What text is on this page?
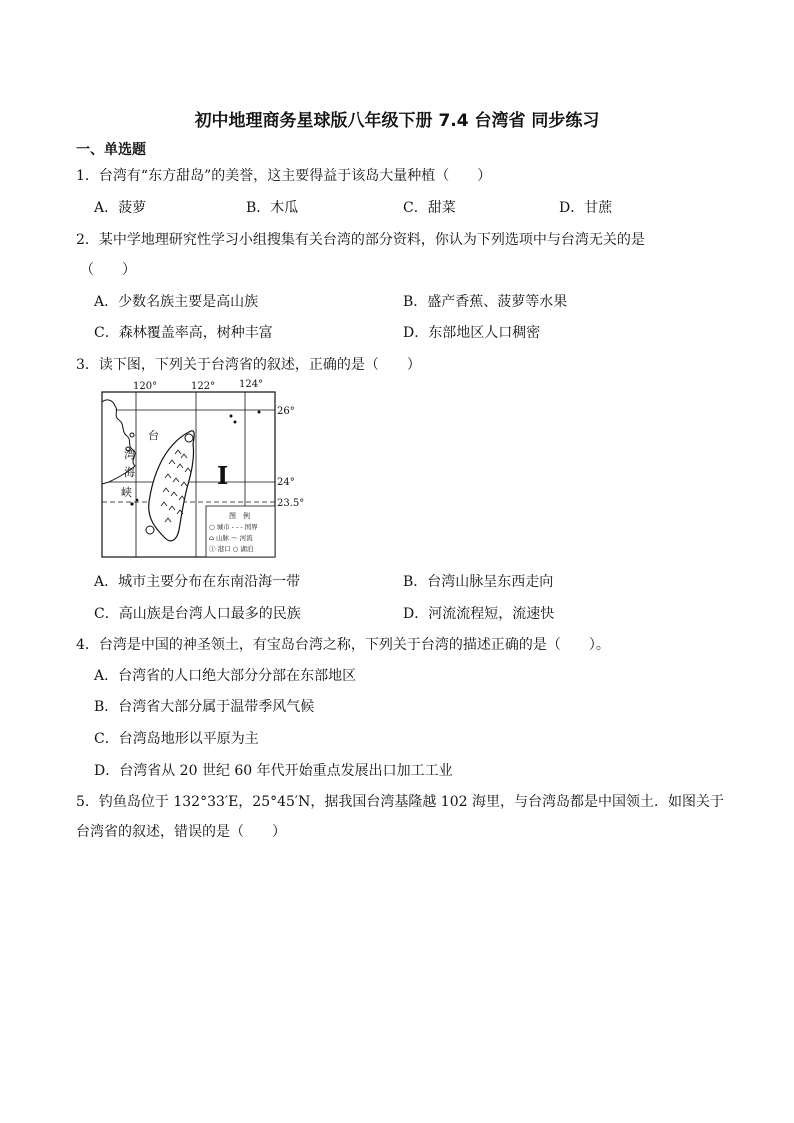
初中地理商务星球版八年级下册 7.4 台湾省 同步练习
一、单选题
1．台湾有“东方甜岛”的美誉，这主要得益于该岛大量种植（　　）
A．菠萝	B．木瓜	C．甜菜	D．甘蔗
2．某中学地理研究性学习小组搜集有关台湾的部分资料，你认为下列选项中与台湾无关的是
（　　）
A．少数名族主要是高山族	B．盛产香蕉、菠萝等水果
C．森林覆盖率高，树种丰富	D．东部地区人口稠密
3．读下图，下列关于台湾省的叙述，正确的是（　　）
120°	122° 124°
26°
24°
23.5°
台
湾
海
峡
I
图　例
○ 城市 - - - 国界
⌂ 山脉 ～ 河流
① 港口 ○ 湖泊
A．城市主要分布在东南沿海一带	B．台湾山脉呈东西走向
C．高山族是台湾人口最多的民族	D．河流流程短，流速快
4．台湾是中国的神圣领土，有宝岛台湾之称，下列关于台湾的描述正确的是（　　）。
A．台湾省的人口绝大部分分部在东部地区
B．台湾省大部分属于温带季风气候
C．台湾岛地形以平原为主
D．台湾省从 20 世纪 60 年代开始重点发展出口加工工业
5．钓鱼岛位于 132°33′E，25°45′N，据我国台湾基隆越 102 海里，与台湾岛都是中国领土．如图关于
台湾省的叙述，错误的是（　　）
